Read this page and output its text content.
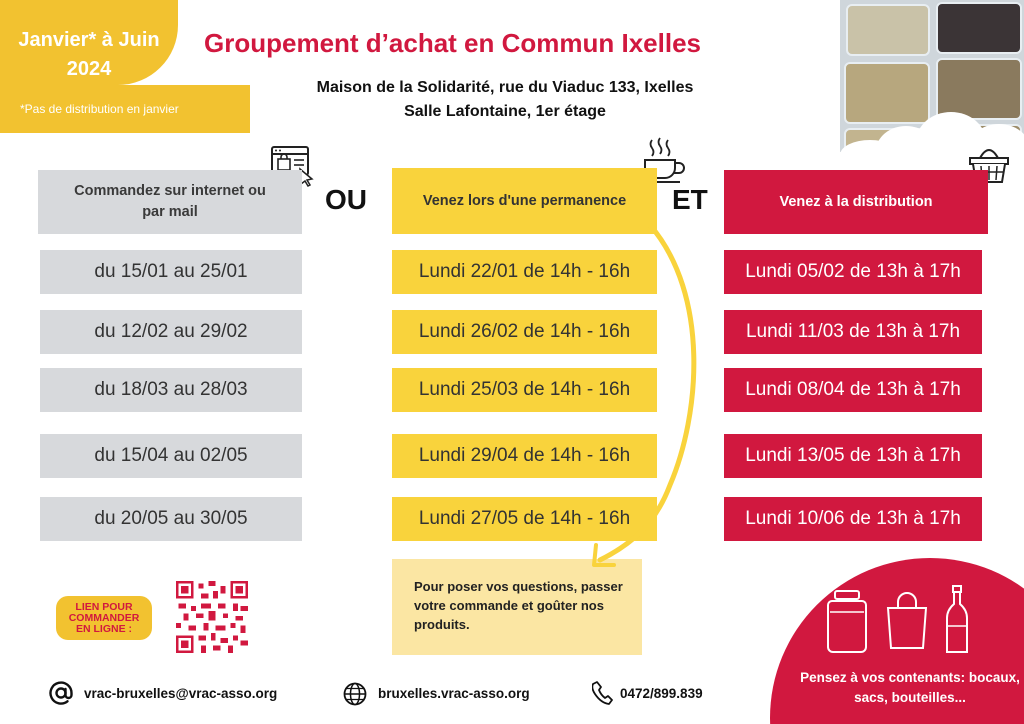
Janvier* à Juin 2024
*Pas de distribution en janvier
Groupement d’achat en Commun Ixelles
Maison de la Solidarité, rue du Viaduc 133, Ixelles
Salle Lafontaine, 1er étage
Commandez sur internet ou par mail	OU	Venez lors d'une permanence ET	Venez à la distribution
du 15/01 au 25/01	Lundi 22/01 de 14h - 16h	Lundi 05/02 de 13h à 17h
du 12/02 au 29/02	Lundi 26/02 de 14h - 16h	Lundi 11/03 de 13h à 17h
du 18/03 au 28/03	Lundi 25/03 de 14h - 16h	Lundi 08/04 de 13h à 17h
du 15/04 au 02/05	Lundi 29/04 de 14h - 16h	Lundi 13/05 de 13h à 17h
du 20/05 au 30/05	Lundi 27/05 de 14h - 16h	Lundi 10/06 de 13h à 17h
Pour poser vos questions, passer votre commande et goûter nos produits.
LIEN POUR COMMANDER EN LIGNE :
Pensez à vos contenants: bocaux, sacs, bouteilles...
vrac-bruxelles@vrac-asso.org	bruxelles.vrac-asso.org	0472/899.839
